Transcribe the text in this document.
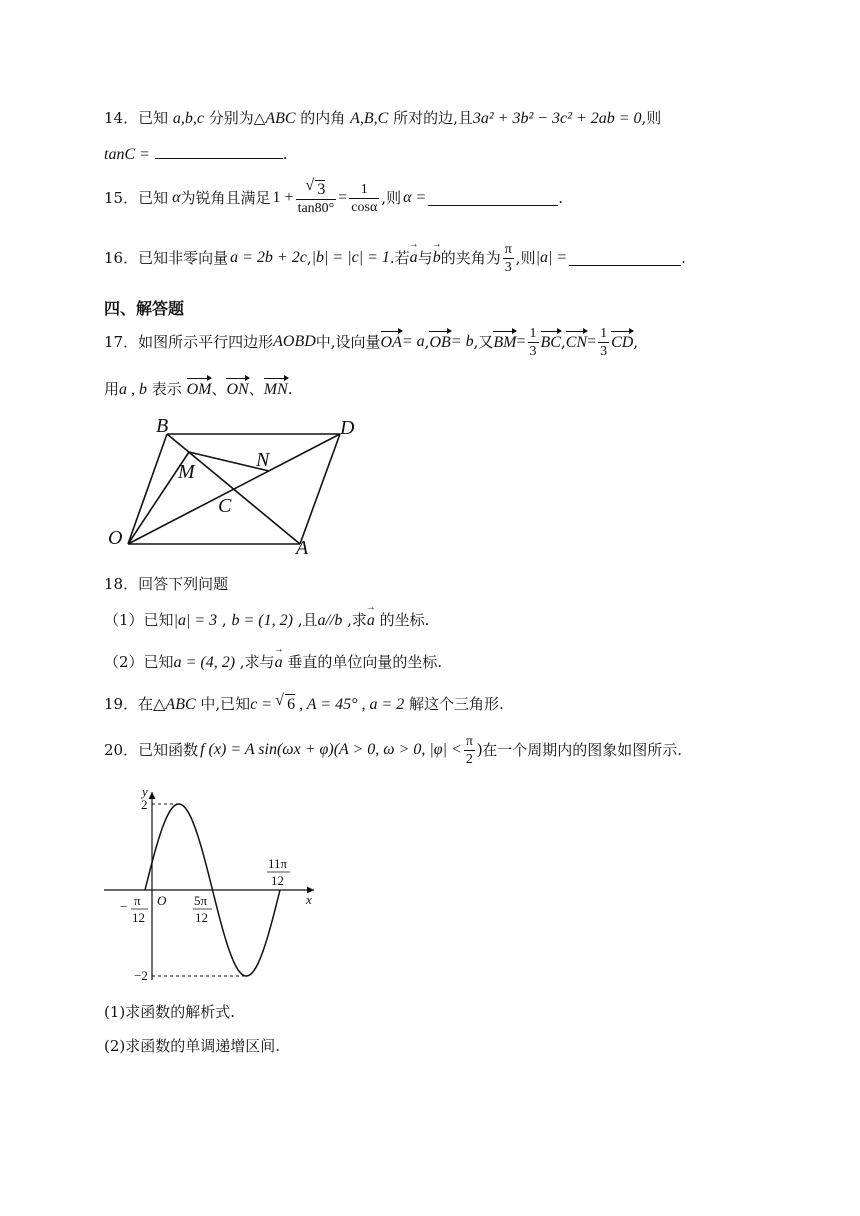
14．已知 a,b,c 分别为△ABC 的内角 A,B,C 所对的边,且3a² + 3b² − 3c² + 2ab = 0,则
tanC =	.
15． 已知 α 为锐角且满足 1 + √ $\frac{3}{\tan 80^\circ} = \frac{1}{\cos\alpha}$ ,则 α =	.
16． 已知非零向量 a = 2b + 2c , |b| = |c| = 1 .若 → a 与 → b 的夹角为 $\frac{\pi}{3}$ ,则 |a| =	.
四、解答题
17． 如图所示平行四边形 AOBD 中,设向量 OA = a , OB = b ,又 BM = $\frac{1}{3}$ BC , CN = $\frac{1}{3}$ CD ,
用a , b 表示 OM、ON、MN.
B	D
M
N
C
O	A
18．回答下列问题
（1）已知|a| = 3 , b = (1, 2) ,且a//b ,求→ a 的坐标.
（2）已知a = (4, 2) ,求与→ a 垂直的单位向量的坐标.
19．在△ABC 中,已知c = √ 6 , A = 45° , a = 2 解这个三角形.
20． 已知函数 f (x) = A sin(ωx + φ) (A > 0, ω > 0, $|\varphi| < \frac{\pi}{2}$ ) 在一个周期内的图象如图所示.
y
x
O
2
−2
− π
12
5π
12
11π
12
(1)求函数的解析式.
(2)求函数的单调递增区间.
